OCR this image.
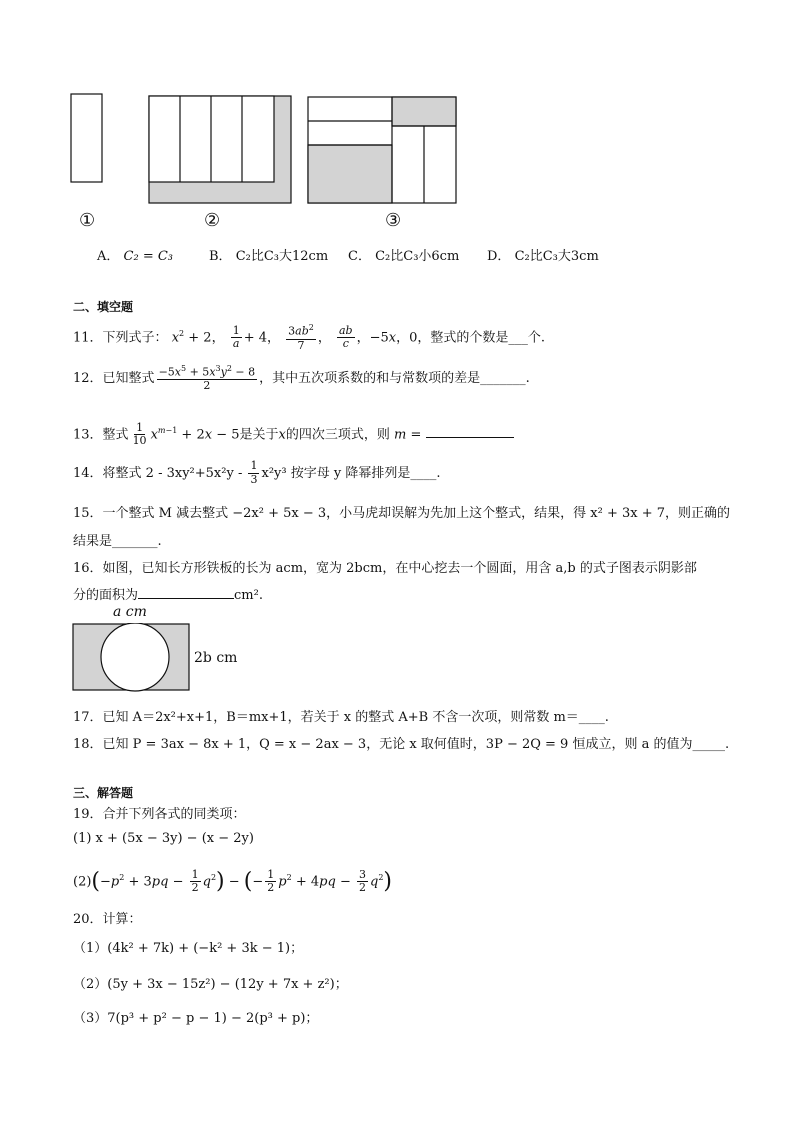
①	②	③
A． C₂ = C₃	B． C₂比C₃大12cm C． C₂比C₃小6cm D． C₂比C₃大3cm
二、填空题
11．下列式子： $x^2 + 2$， $\frac{1}{a} + 4$， $\frac{3ab^2}{7}$ ， $\frac{ab}{c}$ ，−5x，0，整式的个数是___个.
12．已知整式 $\frac{-5x^5 + 5x^3y^2 - 8}{2}$ ，其中五次项系数的和与常数项的差是_______.
13．整式 $\frac{1}{10} x^{m-1} + 2x - 5$是关于x的四次三项式，则 m =
14．将整式 $2 - 3xy^2+5x^2y - \frac{1}{3} x^2y^3$ 按字母 y 降幂排列是____.
15．一个整式 M 减去整式 −2x² + 5x − 3，小马虎却误解为先加上这个整式，结果，得 x² + 3x + 7，则正确的
结果是_______.
16．如图，已知长方形铁板的长为 acm，宽为 2bcm，在中心挖去一个圆面，用含 a,b 的式子图表示阴影部
分的面积为	cm².
a cm
2b cm
17．已知 A＝2x²+x+1，B＝mx+1，若关于 x 的整式 A+B 不含一次项，则常数 m＝____.
18．已知 P = 3ax − 8x + 1，Q = x − 2ax − 3，无论 x 取何值时，3P − 2Q = 9 恒成立，则 a 的值为_____.
三、解答题
19．合并下列各式的同类项：
(1) x + (5x − 3y) − (x − 2y)
$(2)(-p^2 + 3pq - \frac{1}{2} q^2)$ − (− $\frac{1}{2} p^2 + 4pq - \frac{3}{2} q^2$)
20．计算：
（1）(4k² + 7k) + (−k² + 3k − 1)；
（2）(5y + 3x − 15z²) − (12y + 7x + z²)；
（3）7(p³ + p² − p − 1) − 2(p³ + p)；
